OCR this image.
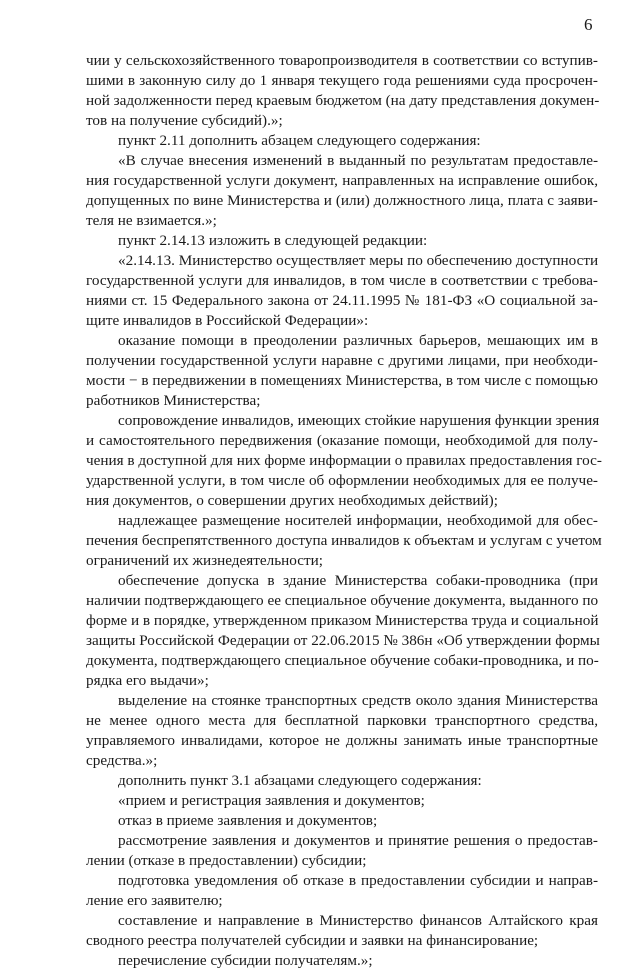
6
чии у сельскохозяйственного товаропроизводителя в соответствии со вступив-
шими в законную силу до 1 января текущего года решениями суда просрочен-
ной задолженности перед краевым бюджетом (на дату представления докумен-
тов на получение субсидий).»;
пункт 2.11 дополнить абзацем следующего содержания:
«В случае внесения изменений в выданный по результатам предоставле-
ния государственной услуги документ, направленных на исправление ошибок,
допущенных по вине Министерства и (или) должностного лица, плата с заяви-
теля не взимается.»;
пункт 2.14.13 изложить в следующей редакции:
«2.14.13. Министерство осуществляет меры по обеспечению доступности
государственной услуги для инвалидов, в том числе в соответствии с требова-
ниями ст. 15 Федерального закона от 24.11.1995 № 181-ФЗ «О социальной за-
щите инвалидов в Российской Федерации»:
оказание помощи в преодолении различных барьеров, мешающих им в
получении государственной услуги наравне с другими лицами, при необходи-
мости − в передвижении в помещениях Министерства, в том числе с помощью
работников Министерства;
сопровождение инвалидов, имеющих стойкие нарушения функции зрения
и самостоятельного передвижения (оказание помощи, необходимой для полу-
чения в доступной для них форме информации о правилах предоставления гос-
ударственной услуги, в том числе об оформлении необходимых для ее получе-
ния документов, о совершении других необходимых действий);
надлежащее размещение носителей информации, необходимой для обес-
печения беспрепятственного доступа инвалидов к объектам и услугам с учетом
ограничений их жизнедеятельности;
обеспечение допуска в здание Министерства собаки-проводника (при
наличии подтверждающего ее специальное обучение документа, выданного по
форме и в порядке, утвержденном приказом Министерства труда и социальной
защиты Российской Федерации от 22.06.2015 № 386н «Об утверждении формы
документа, подтверждающего специальное обучение собаки-проводника, и по-
рядка его выдачи»;
выделение на стоянке транспортных средств около здания Министерства
не менее одного места для бесплатной парковки транспортного средства,
управляемого инвалидами, которое не должны занимать иные транспортные
средства.»;
дополнить пункт 3.1 абзацами следующего содержания:
«прием и регистрация заявления и документов;
отказ в приеме заявления и документов;
рассмотрение заявления и документов и принятие решения о предостав-
лении (отказе в предоставлении) субсидии;
подготовка уведомления об отказе в предоставлении субсидии и направ-
ление его заявителю;
составление и направление в Министерство финансов Алтайского края
сводного реестра получателей субсидии и заявки на финансирование;
перечисление субсидии получателям.»;
